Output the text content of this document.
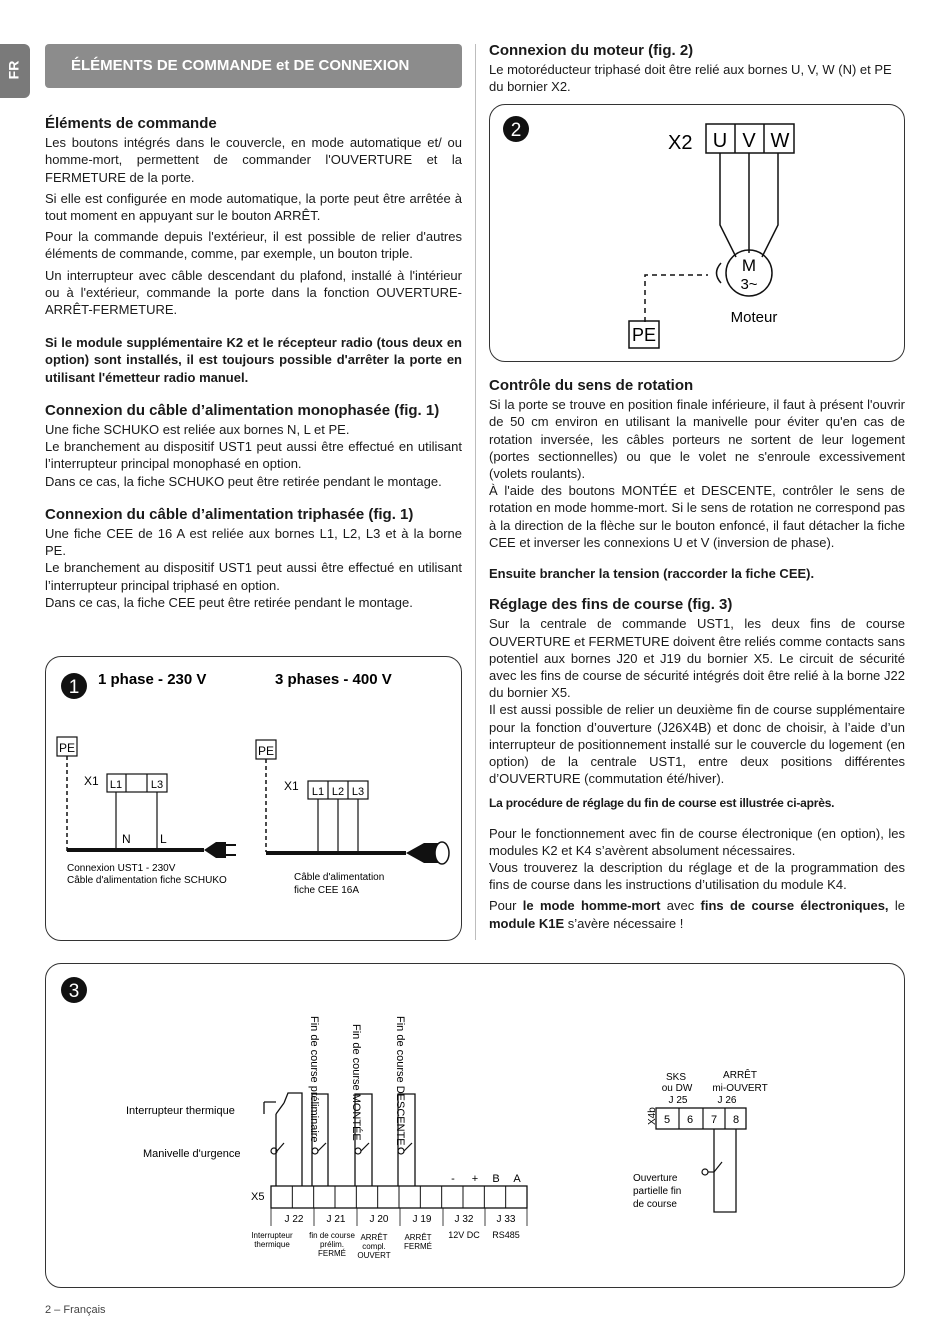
FR	ÉLÉMENTS DE COMMANDE et DE CONNEXION
Éléments de commande

Les boutons intégrés dans le couvercle, en mode automatique et/ ou homme-mort, permettent de commander l'OUVERTURE et la FERMETURE de la porte.

Si elle est configurée en mode automatique, la porte peut être arrêtée à tout moment en appuyant sur le bouton ARRÊT.

Pour la commande depuis l'extérieur, il est possible de relier d'autres éléments de commande, comme, par exemple, un bouton triple.

Un interrupteur avec câble descendant du plafond, installé à l'intérieur ou à l'extérieur, commande la porte dans la fonction OUVERTURE-ARRÊT-FERMETURE.

Si le module supplémentaire K2 et le récepteur radio (tous deux en option) sont installés, il est toujours possible d'arrêter la porte en utilisant l'émetteur radio manuel.

Connexion du câble d’alimentation monophasée (fig. 1)

Une fiche SCHUKO est reliée aux bornes N, L et PE.

Le branchement au dispositif UST1 peut aussi être effectué en utilisant l’interrupteur principal monophasé en option.

Dans ce cas, la fiche SCHUKO peut être retirée pendant le montage.

Connexion du câble d’alimentation triphasée (fig. 1)

Une fiche CEE de 16 A est reliée aux bornes L1, L2, L3 et à la borne PE.

Le branchement au dispositif UST1 peut aussi être effectué en utilisant l’interrupteur principal triphasé en option.

Dans ce cas, la fiche CEE peut être retirée pendant le montage.

Connexion du moteur (fig. 2)

Le motoréducteur triphasé doit être relié aux bornes U, V, W (N) et PE du bornier X2.

2
X2 U V W
M
3~
PE
Moteur
Contrôle du sens de rotation

Si la porte se trouve en position finale inférieure, il faut à présent l'ouvrir de 50 cm environ en utilisant la manivelle pour éviter qu'en cas de rotation inversée, les câbles porteurs ne sortent de leur logement (portes sectionnelles) ou que le volet ne s'enroule excessivement (volets roulants).

À l'aide des boutons MONTÉE et DESCENTE, contrôler le sens de rotation en mode homme-mort. Si le sens de rotation ne correspond pas à la direction de la flèche sur le bouton enfoncé, il faut détacher la fiche CEE et inverser les connexions U et V (inversion de phase).

Ensuite brancher la tension (raccorder la fiche CEE).

Réglage des fins de course (fig. 3)

Sur la centrale de commande UST1, les deux fins de course OUVERTURE et FERMETURE doivent être reliés comme contacts sans potentiel aux bornes J20 et J19 du bornier X5. Le circuit de sécurité avec les fins de course de sécurité intégrés doit être relié à la borne J22 du bornier X5.

Il est aussi possible de relier un deuxième fin de course supplémentaire pour la fonction d’ouverture (J26X4B) et donc de choisir, à l’aide d’un interrupteur de positionnement installé sur le couvercle du logement (en option) de la centrale UST1, entre deux positions différentes d’OUVERTURE (commutation été/hiver).

La procédure de réglage du fin de course est illustrée ci-après.

Pour le fonctionnement avec fin de course électronique (en option), les modules K2 et K4 s’avèrent absolument nécessaires.

Vous trouverez la description du réglage et de la programmation des fins de course dans les instructions d’utilisation du module K4.

Pour le mode homme-mort avec fins de course électroniques, le module K1E s’avère nécessaire !

1 1 phase - 230 V	3 phases - 400 V
PE
X1 L1	L3
N L
Connexion UST1 - 230V
Câble d'alimentation fiche SCHUKO
PE
X1 L1 L2 L3
Câble d'alimentation
fiche CEE 16A
3
Fin de course préliminaire	Fin de course MONTÉE	Fin de course DESCENTE
Interrupteur thermique
Manivelle d'urgence
X5
J 22 J 21 J 20 J 19 J 32 J 33
- + B A
Interrupteur
thermique
fin de course
prélim.
FERMÉ
ARRÊT
compl.
OUVERT
ARRÊT
FERMÉ
12V DC RS485
SKS
ou DW
ARRÊT
mi-OUVERT
J 25	J 26
X4b 5 6 7 8
Ouverture
partielle fin
de course
2 – Français
